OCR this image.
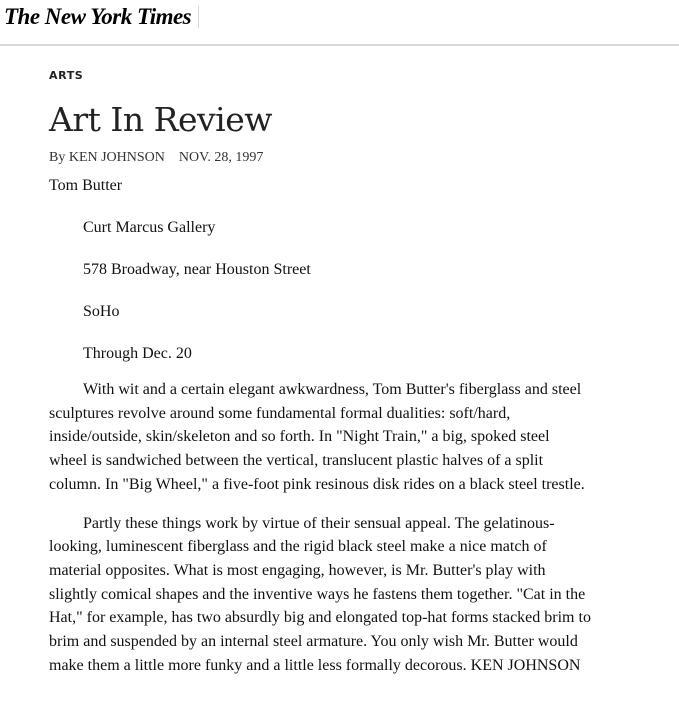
The New York Times
ARTS
Art In Review
By KEN JOHNSON NOV. 28, 1997
Tom Butter
Curt Marcus Gallery
578 Broadway, near Houston Street
SoHo
Through Dec. 20

With wit and a certain elegant awkwardness, Tom Butter's fiberglass and steel
sculptures revolve around some fundamental formal dualities: soft/hard,
inside/outside, skin/skeleton and so forth. In "Night Train," a big, spoked steel
wheel is sandwiched between the vertical, translucent plastic halves of a split
column. In "Big Wheel," a five-foot pink resinous disk rides on a black steel trestle.

Partly these things work by virtue of their sensual appeal. The gelatinous-
looking, luminescent fiberglass and the rigid black steel make a nice match of
material opposites. What is most engaging, however, is Mr. Butter's play with
slightly comical shapes and the inventive ways he fastens them together. "Cat in the
Hat," for example, has two absurdly big and elongated top-hat forms stacked brim to
brim and suspended by an internal steel armature. You only wish Mr. Butter would
make them a little more funky and a little less formally decorous. KEN JOHNSON
